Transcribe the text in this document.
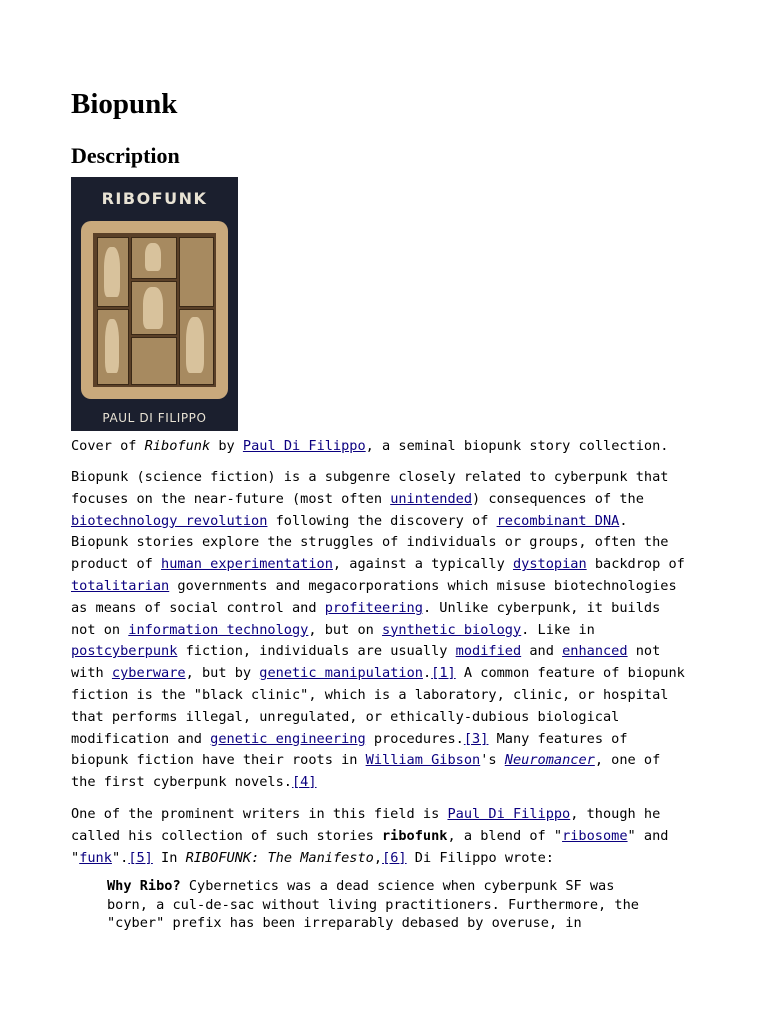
Biopunk
Description
RIBOFUNK
PAUL DI FILIPPO
Cover of Ribofunk by Paul Di Filippo, a seminal biopunk story collection.
Biopunk (science fiction) is a subgenre closely related to cyberpunk that
focuses on the near-future (most often unintended) consequences of the
biotechnology revolution following the discovery of recombinant DNA.
Biopunk stories explore the struggles of individuals or groups, often the
product of human experimentation, against a typically dystopian backdrop of
totalitarian governments and megacorporations which misuse biotechnologies
as means of social control and profiteering. Unlike cyberpunk, it builds
not on information technology, but on synthetic biology. Like in
postcyberpunk fiction, individuals are usually modified and enhanced not
with cyberware, but by genetic manipulation.[1] A common feature of biopunk
fiction is the "black clinic", which is a laboratory, clinic, or hospital
that performs illegal, unregulated, or ethically-dubious biological
modification and genetic engineering procedures.[3] Many features of
biopunk fiction have their roots in William Gibson's Neuromancer, one of
the first cyberpunk novels.[4]
One of the prominent writers in this field is Paul Di Filippo, though he
called his collection of such stories ribofunk, a blend of "ribosome" and
"funk".[5] In RIBOFUNK: The Manifesto,[6] Di Filippo wrote:
Why Ribo? Cybernetics was a dead science when cyberpunk SF was
born, a cul-de-sac without living practitioners. Furthermore, the
"cyber" prefix has been irreparably debased by overuse, in
